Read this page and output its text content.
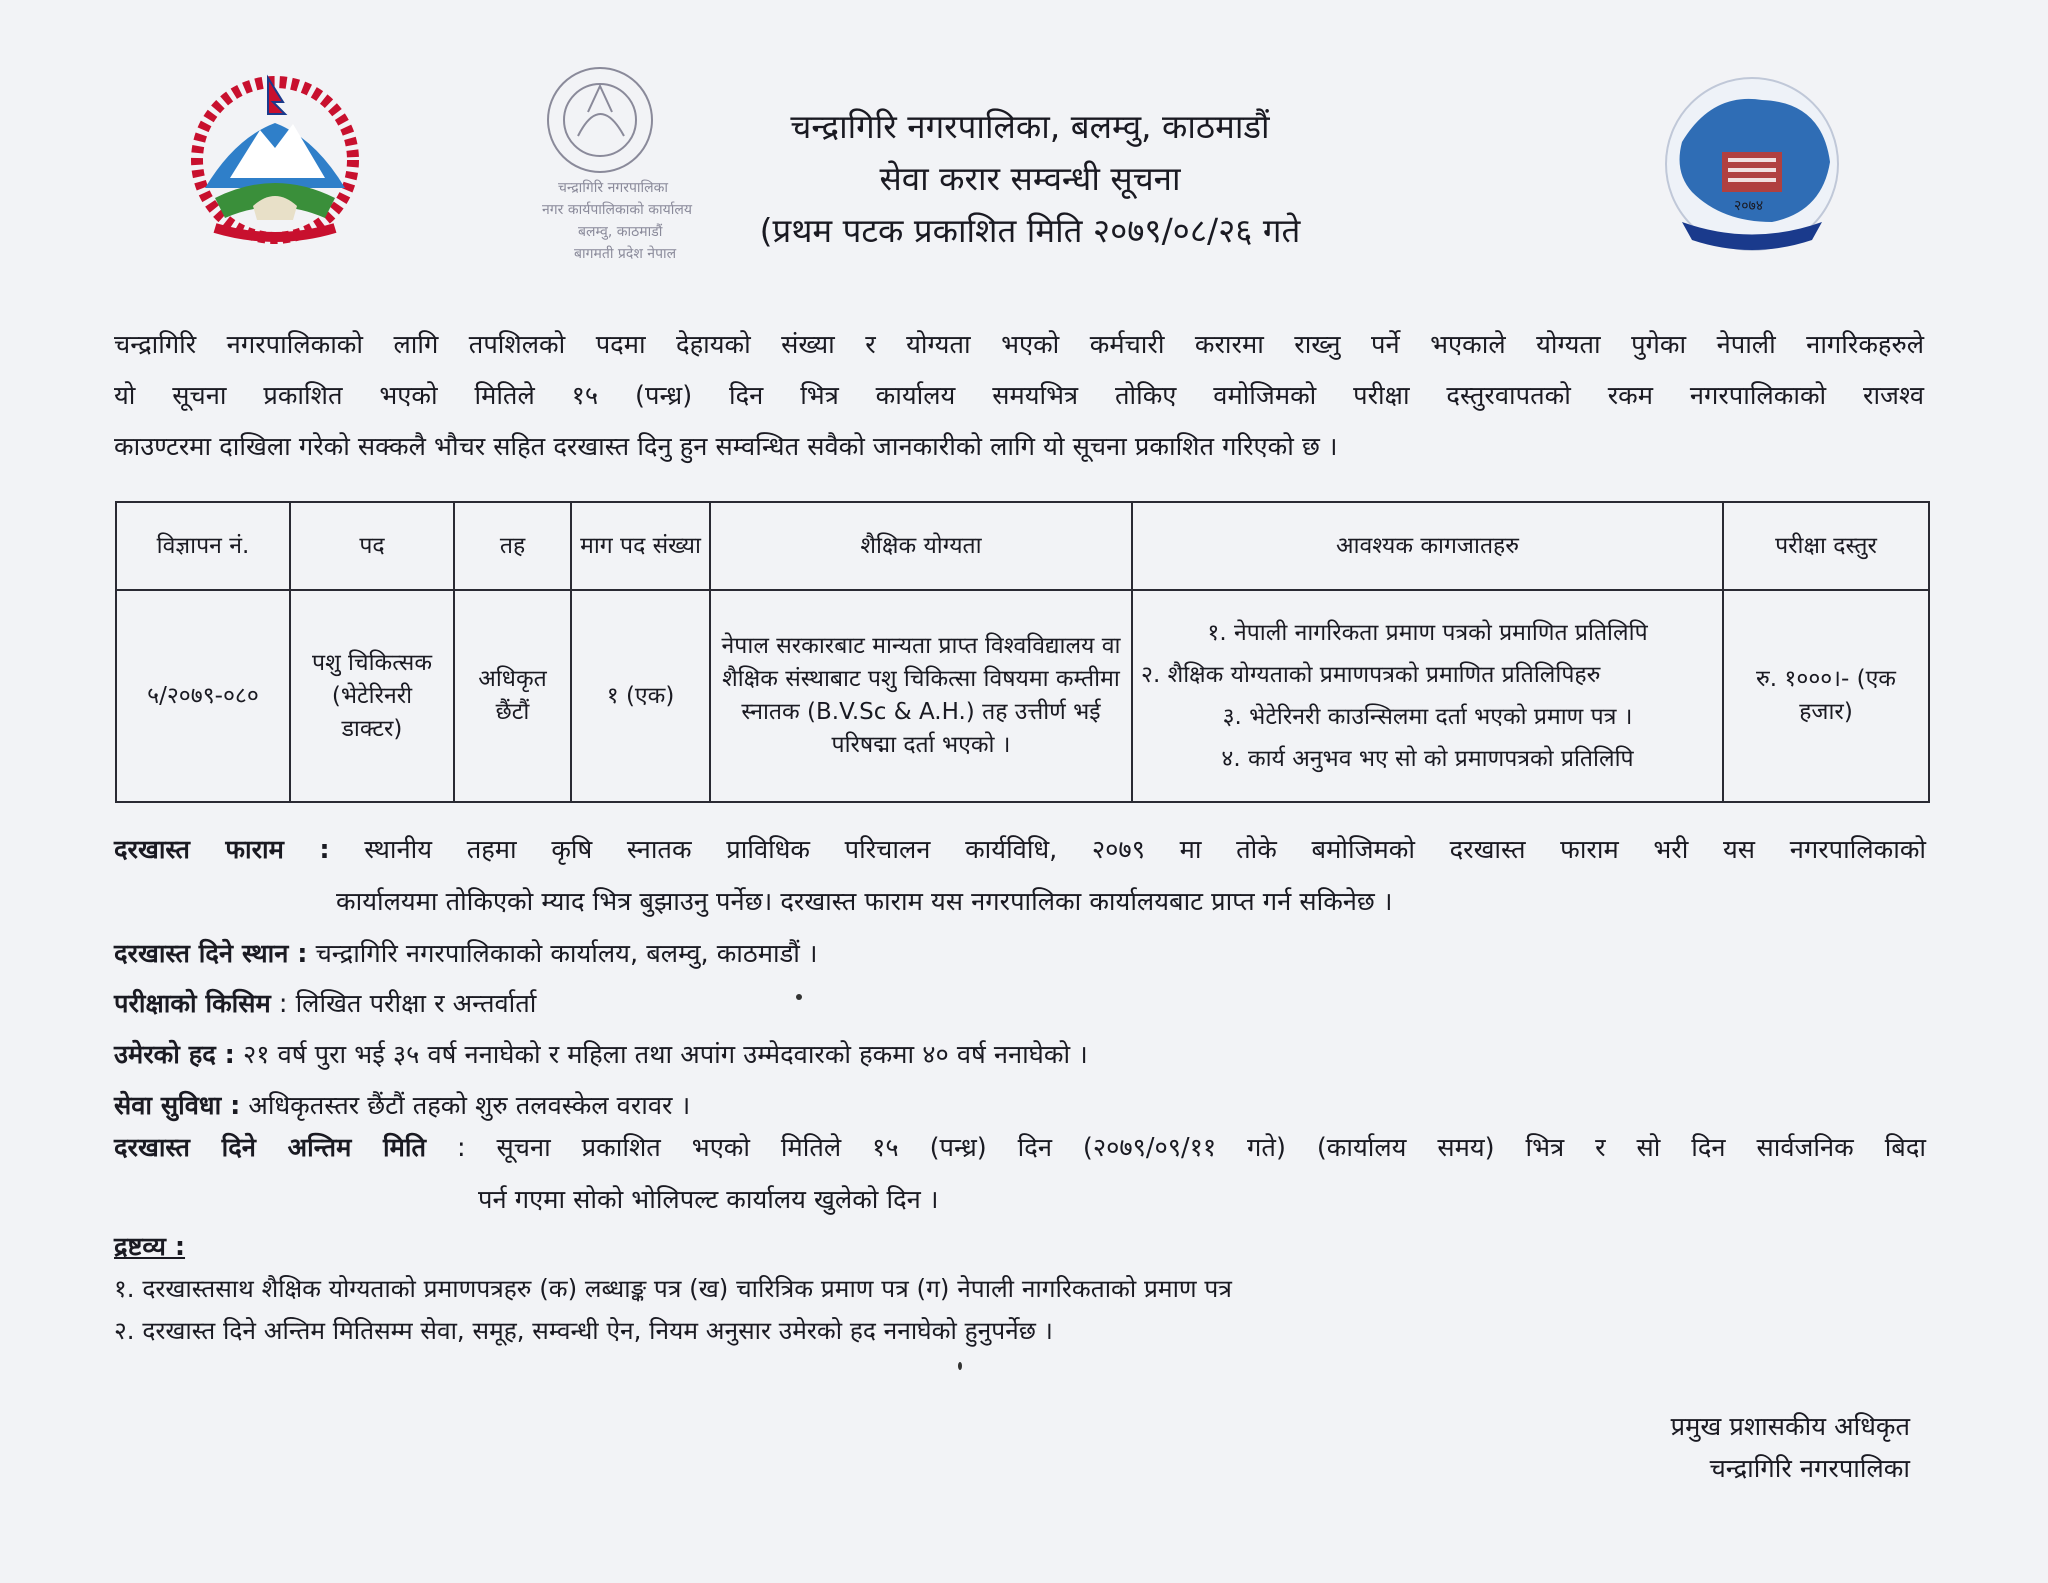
चन्द्रागिरि नगरपालिका
नगर कार्यपालिकाको कार्यालय
बलम्वु, काठमाडौं
बागमती प्रदेश नेपाल
२०७४
चन्द्रागिरि नगरपालिका, बलम्वु, काठमाडौं
सेवा करार सम्वन्धी सूचना
(प्रथम पटक प्रकाशित मिति २०७९/०८/२६ गते
चन्द्रागिरि नगरपालिकाको लागि तपशिलको पदमा देहायको संख्या र योग्यता भएको कर्मचारी करारमा राख्नु पर्ने भएकाले योग्यता पुगेका नेपाली नागरिकहरुले
यो सूचना प्रकाशित भएको मितिले १५ (पन्ध्र) दिन भित्र कार्यालय समयभित्र तोकिए वमोजिमको परीक्षा दस्तुरवापतको रकम नगरपालिकाको राजश्व
काउण्टरमा दाखिला गरेको सक्कलै भौचर सहित दरखास्त दिनु हुन सम्वन्धित सवैको जानकारीको लागि यो सूचना प्रकाशित गरिएको छ ।
विज्ञापन नं.	पद	तह	माग पद संख्या	शैक्षिक योग्यता	आवश्यक कागजातहरु	परीक्षा दस्तुर
५/२०७९-०८०	पशु चिकित्सक (भेटेरिनरी डाक्टर)	अधिकृत छैंटौं	१ (एक)	नेपाल सरकारबाट मान्यता प्राप्त विश्वविद्यालय वा शैक्षिक संस्थाबाट पशु चिकित्सा विषयमा कम्तीमा स्नातक (B.V.Sc & A.H.) तह उत्तीर्ण भई परिषद्मा दर्ता भएको ।	१. नेपाली नागरिकता प्रमाण पत्रको प्रमाणित प्रतिलिपि
२. शैक्षिक योग्यताको प्रमाणपत्रको प्रमाणित प्रतिलिपिहरु
३. भेटेरिनरी काउन्सिलमा दर्ता भएको प्रमाण पत्र ।
४. कार्य अनुभव भए सो को प्रमाणपत्रको प्रतिलिपि	रु. १०००।- (एक हजार)
दरखास्त फाराम : स्थानीय तहमा कृषि स्नातक प्राविधिक परिचालन कार्यविधि, २०७९ मा तोके बमोजिमको दरखास्त फाराम भरी यस नगरपालिकाको
कार्यालयमा तोकिएको म्याद भित्र बुझाउनु पर्नेछ। दरखास्त फाराम यस नगरपालिका कार्यालयबाट प्राप्त गर्न सकिनेछ ।
दरखास्त दिने स्थान : चन्द्रागिरि नगरपालिकाको कार्यालय, बलम्वु, काठमाडौं ।
परीक्षाको किसिम : लिखित परीक्षा र अन्तर्वार्ता
उमेरको हद : २१ वर्ष पुरा भई ३५ वर्ष ननाघेको र महिला तथा अपांग उम्मेदवारको हकमा ४० वर्ष ननाघेको ।
सेवा सुविधा : अधिकृतस्तर छैंटौं तहको शुरु तलवस्केल वरावर ।
दरखास्त दिने अन्तिम मिति : सूचना प्रकाशित भएको मितिले १५ (पन्ध्र) दिन (२०७९/०९/११ गते) (कार्यालय समय) भित्र र सो दिन सार्वजनिक बिदा
पर्न गएमा सोको भोलिपल्ट कार्यालय खुलेको दिन ।
द्रष्टव्य :
१. दरखास्तसाथ शैक्षिक योग्यताको प्रमाणपत्रहरु (क) लब्धाङ्क पत्र (ख) चारित्रिक प्रमाण पत्र (ग) नेपाली नागरिकताको प्रमाण पत्र
२. दरखास्त दिने अन्तिम मितिसम्म सेवा, समूह, सम्वन्धी ऐन, नियम अनुसार उमेरको हद ननाघेको हुनुपर्नेछ ।
प्रमुख प्रशासकीय अधिकृत
चन्द्रागिरि नगरपालिका
